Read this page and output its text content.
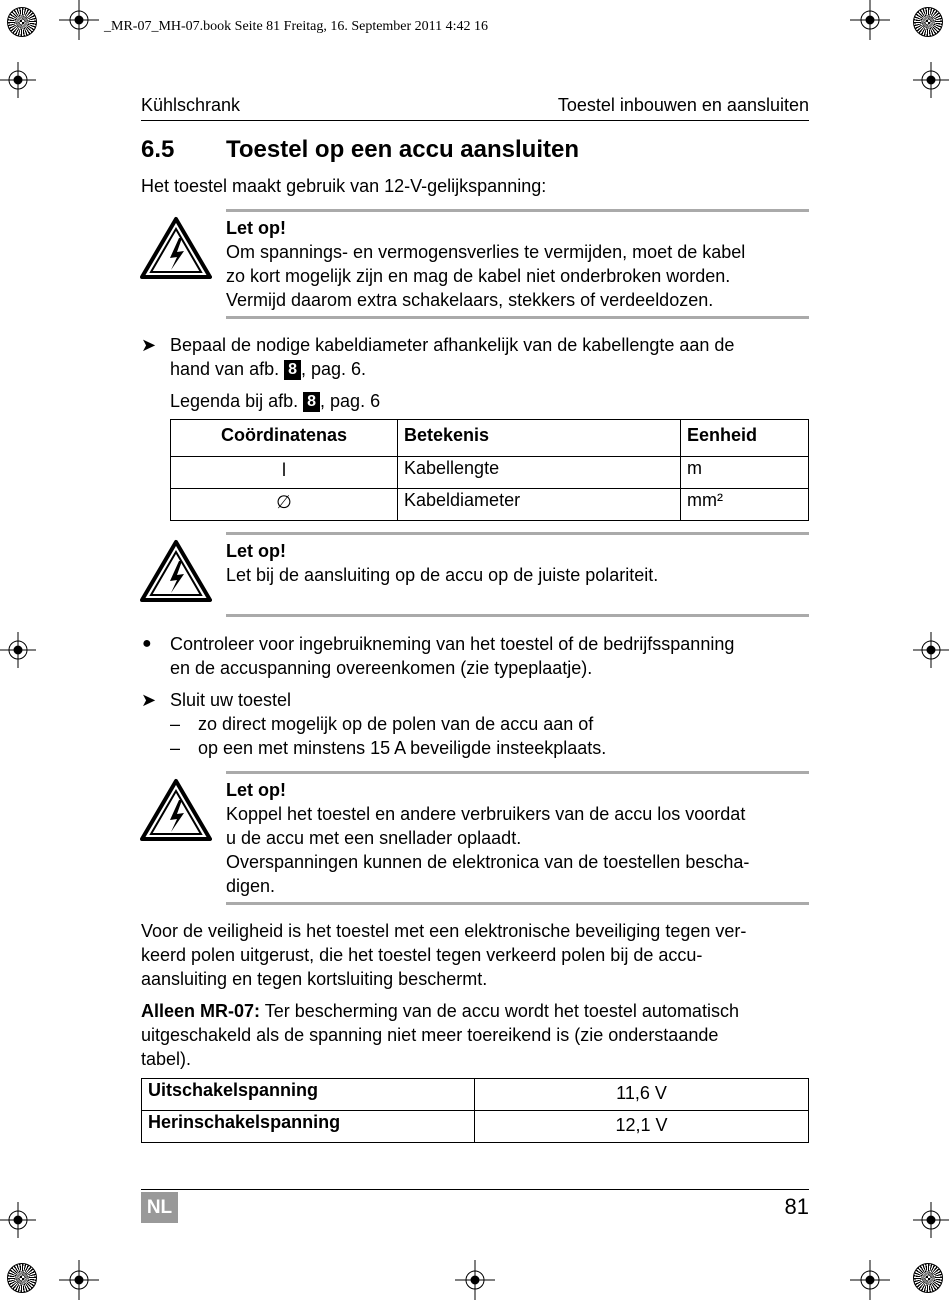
_MR-07_MH-07.book Seite 81 Freitag, 16. September 2011 4:42 16
Kühlschrank	Toestel inbouwen en aansluiten
6.5 Toestel op een accu aansluiten
Het toestel maakt gebruik van 12-V-gelijkspanning:
Let op!
Om spannings- en vermogensverlies te vermijden, moet de kabel
zo kort mogelijk zijn en mag de kabel niet onderbroken worden.
Vermijd daarom extra schakelaars, stekkers of verdeeldozen.
➤ Bepaal de nodige kabeldiameter afhankelijk van de kabellengte aan de
hand van afb. 8 , pag. 6.
Legenda bij afb. 8 , pag. 6
Coördinatenas	Betekenis	Eenheid
l	Kabellengte	m
∅	Kabeldiameter	mm²
Let op!
Let bij de aansluiting op de accu op de juiste polariteit.
● Controleer voor ingebruikneming van het toestel of de bedrijfsspanning
en de accuspanning overeenkomen (zie typeplaatje).
➤ Sluit uw toestel
– zo direct mogelijk op de polen van de accu aan of
– op een met minstens 15 A beveiligde insteekplaats.
Let op!
Koppel het toestel en andere verbruikers van de accu los voordat
u de accu met een snellader oplaadt.
Overspanningen kunnen de elektronica van de toestellen bescha-
digen.
Voor de veiligheid is het toestel met een elektronische beveiliging tegen ver-
keerd polen uitgerust, die het toestel tegen verkeerd polen bij de accu-
aansluiting en tegen kortsluiting beschermt.
Alleen MR-07: Ter bescherming van de accu wordt het toestel automatisch
uitgeschakeld als de spanning niet meer toereikend is (zie onderstaande
tabel).
Uitschakelspanning	11,6 V
Herinschakelspanning	12,1 V
NL	81
